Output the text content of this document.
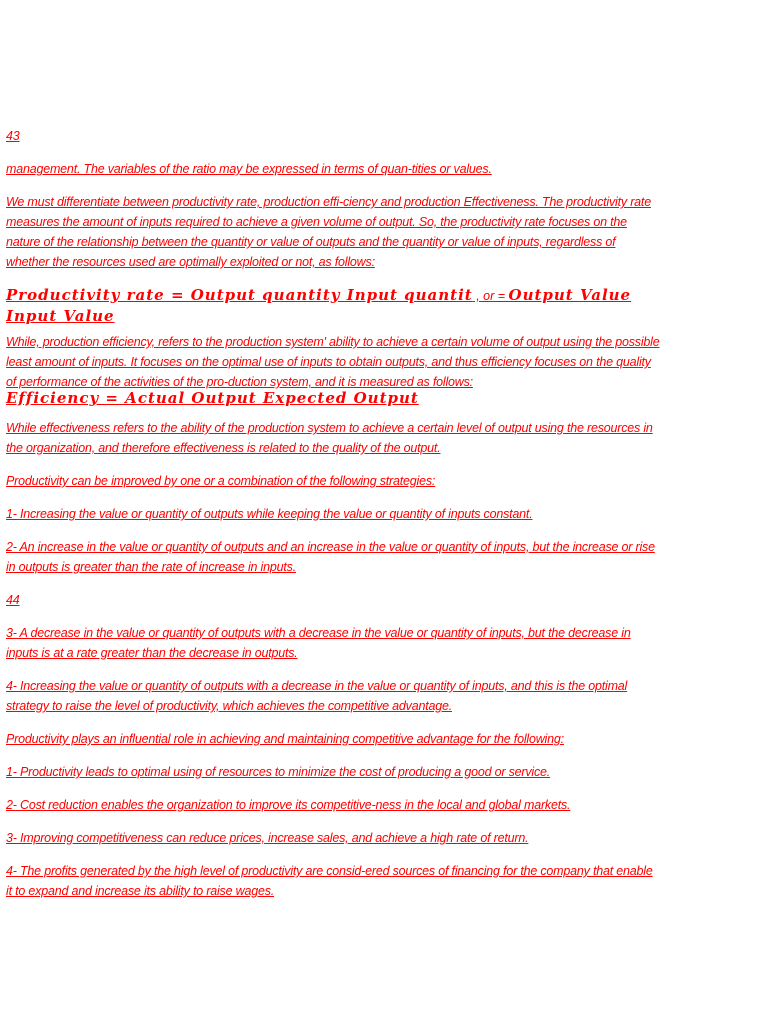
43

management. The variables of the ratio may be expressed in terms of quan-tities or values.

We must differentiate between productivity rate, production effi-ciency and production Effectiveness. The productivity rate measures the amount of inputs required to achieve a given volume of output. So, the productivity rate focuses on the nature of the relationship between the quantity or value of outputs and the quantity or value of inputs, regardless of whether the resources used are optimally exploited or not, as follows:

Productivity rate = Output quantity Input quantit , or = Output Value Input Value

While, production efficiency, refers to the production system' ability to achieve a certain volume of output using the possible least amount of inputs. It focuses on the optimal use of inputs to obtain outputs, and thus efficiency focuses on the quality of performance of the activities of the pro-duction system, and it is measured as follows:

Efficiency = Actual Output Expected Output

While effectiveness refers to the ability of the production system to achieve a certain level of output using the resources in the organization, and therefore effectiveness is related to the quality of the output.

Productivity can be improved by one or a combination of the following strategies:

1- Increasing the value or quantity of outputs while keeping the value or quantity of inputs constant.

2- An increase in the value or quantity of outputs and an increase in the value or quantity of inputs, but the increase or rise in outputs is greater than the rate of increase in inputs.

44

3- A decrease in the value or quantity of outputs with a decrease in the value or quantity of inputs, but the decrease in inputs is at a rate greater than the decrease in outputs.

4- Increasing the value or quantity of outputs with a decrease in the value or quantity of inputs, and this is the optimal strategy to raise the level of productivity, which achieves the competitive advantage.

Productivity plays an influential role in achieving and maintaining competitive advantage for the following:

1- Productivity leads to optimal using of resources to minimize the cost of producing a good or service.

2- Cost reduction enables the organization to improve its competitive-ness in the local and global markets.

3- Improving competitiveness can reduce prices, increase sales, and achieve a high rate of return.

4- The profits generated by the high level of productivity are consid-ered sources of financing for the company that enable it to expand and increase its ability to raise wages.
